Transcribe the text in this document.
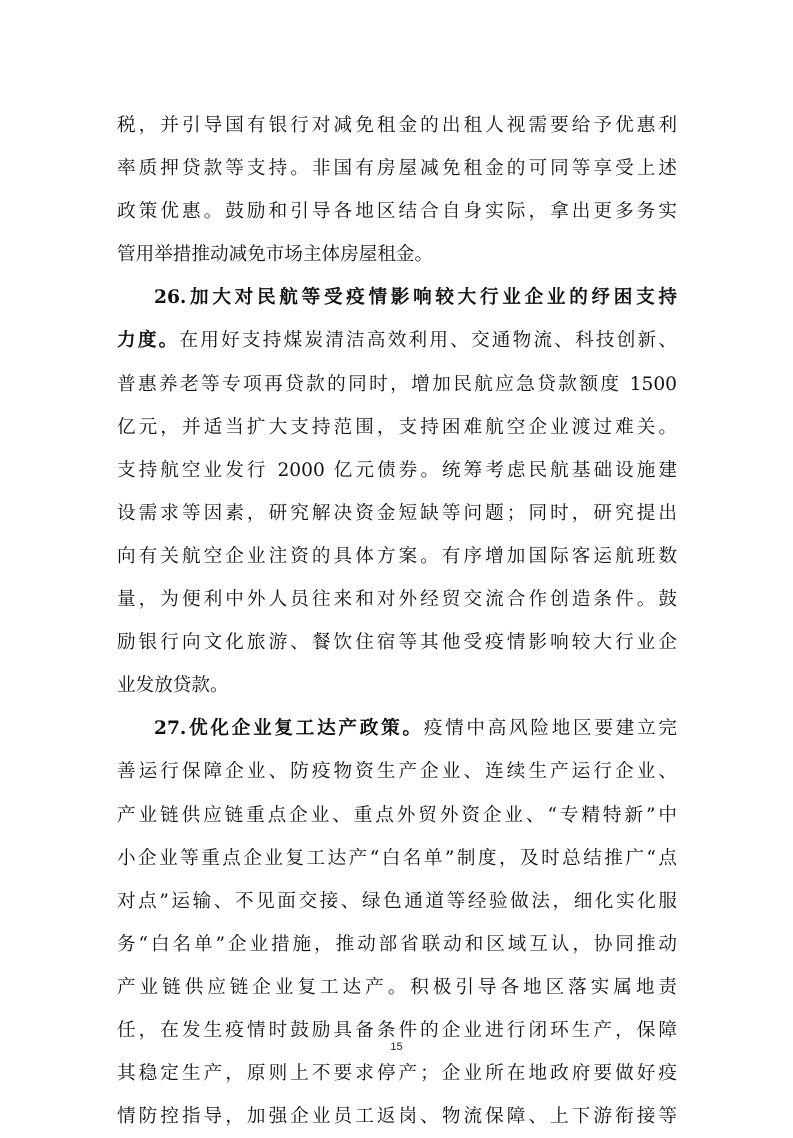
税，并引导国有银行对减免租金的出租人视需要给予优惠利
率质押贷款等支持。非国有房屋减免租金的可同等享受上述
政策优惠。鼓励和引导各地区结合自身实际，拿出更多务实
管用举措推动减免市场主体房屋租金。
26.加大对民航等受疫情影响较大行业企业的纾困支持
力度。在用好支持煤炭清洁高效利用、交通物流、科技创新、
普惠养老等专项再贷款的同时，增加民航应急贷款额度 1500
亿元，并适当扩大支持范围，支持困难航空企业渡过难关。
支持航空业发行 2000 亿元债券。统筹考虑民航基础设施建
设需求等因素，研究解决资金短缺等问题；同时，研究提出
向有关航空企业注资的具体方案。有序增加国际客运航班数
量，为便利中外人员往来和对外经贸交流合作创造条件。鼓
励银行向文化旅游、餐饮住宿等其他受疫情影响较大行业企
业发放贷款。
27.优化企业复工达产政策。疫情中高风险地区要建立完
善运行保障企业、防疫物资生产企业、连续生产运行企业、
产业链供应链重点企业、重点外贸外资企业、“专精特新”中
小企业等重点企业复工达产“白名单”制度，及时总结推广“点
对点”运输、不见面交接、绿色通道等经验做法，细化实化服
务“白名单”企业措施，推动部省联动和区域互认，协同推动
产业链供应链企业复工达产。积极引导各地区落实属地责
任，在发生疫情时鼓励具备条件的企业进行闭环生产，保障
其稳定生产，原则上不要求停产；企业所在地政府要做好疫
情防控指导，加强企业员工返岗、物流保障、上下游衔接等
15
